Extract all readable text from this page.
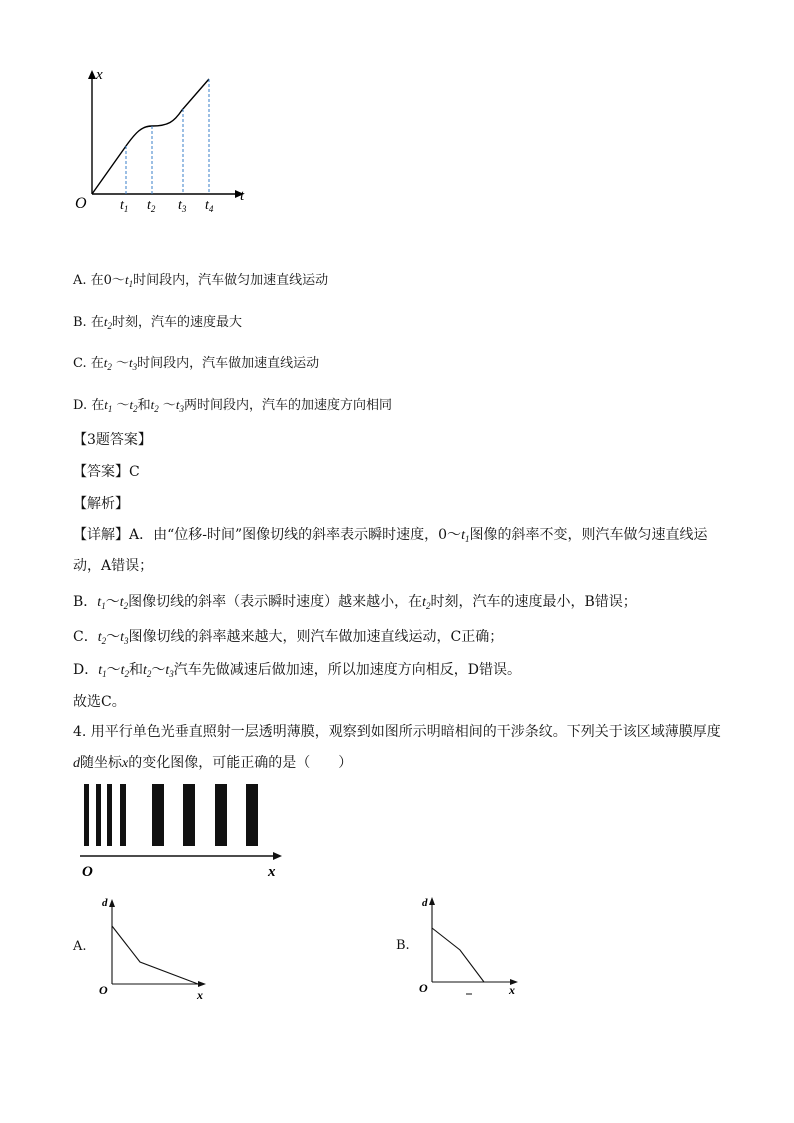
x
t
O $t_1$ $t_2$ $t_3$ $t_4$
A. 在$0\sim t_1$时间段内，汽车做匀加速直线运动
B. 在$t_2$时刻，汽车的速度最大
C. 在$t_2$ $\sim t_3$时间段内，汽车做加速直线运动
D. 在$t_1$ $\sim t_2$和$t_2$ $\sim t_3$两时间段内，汽车的加速度方向相同
【3题答案】
【答案】C
【解析】
【详解】A．由“位移-时间”图像切线的斜率表示瞬时速度，$0\sim t_1$图像的斜率不变，则汽车做匀速直线运
动，A错误；
B．$t_1\sim t_2$图像切线的斜率（表示瞬时速度）越来越小，在$t_2$时刻，汽车的速度最小，B错误；
C．$t_2\sim t_3$图像切线的斜率越来越大，则汽车做加速直线运动，C正确；
D．$t_1\sim t_2$和$t_2\sim t_3$汽车先做减速后做加速，所以加速度方向相反，D错误。
故选C。
4. 用平行单色光垂直照射一层透明薄膜，观察到如图所示明暗相间的干涉条纹。下列关于该区域薄膜厚度
d随坐标x的变化图像，可能正确的是（　　）
O	x
A.
d
O	x
B.
d
O	x
